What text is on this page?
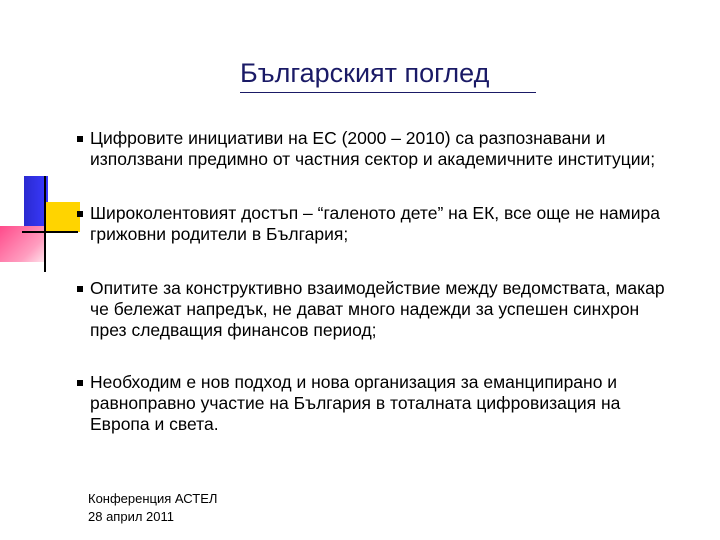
Българският поглед
Цифровите инициативи на ЕС (2000 – 2010) са разпознавани и
използвани предимно от частния сектор и академичните институции;
Широколентовият достъп – “галеното дете” на ЕК, все още не намира
грижовни родители в България;
Опитите за конструктивно взаимодействие между ведомствата, макар
че бележат напредък, не дават много надежди за успешен синхрон
през следващия финансов период;
Необходим е нов подход и нова организация за еманципирано и
равноправно участие на България в тоталната цифровизация на
Европа и света.
Конференция АСТЕЛ
28 април 2011
